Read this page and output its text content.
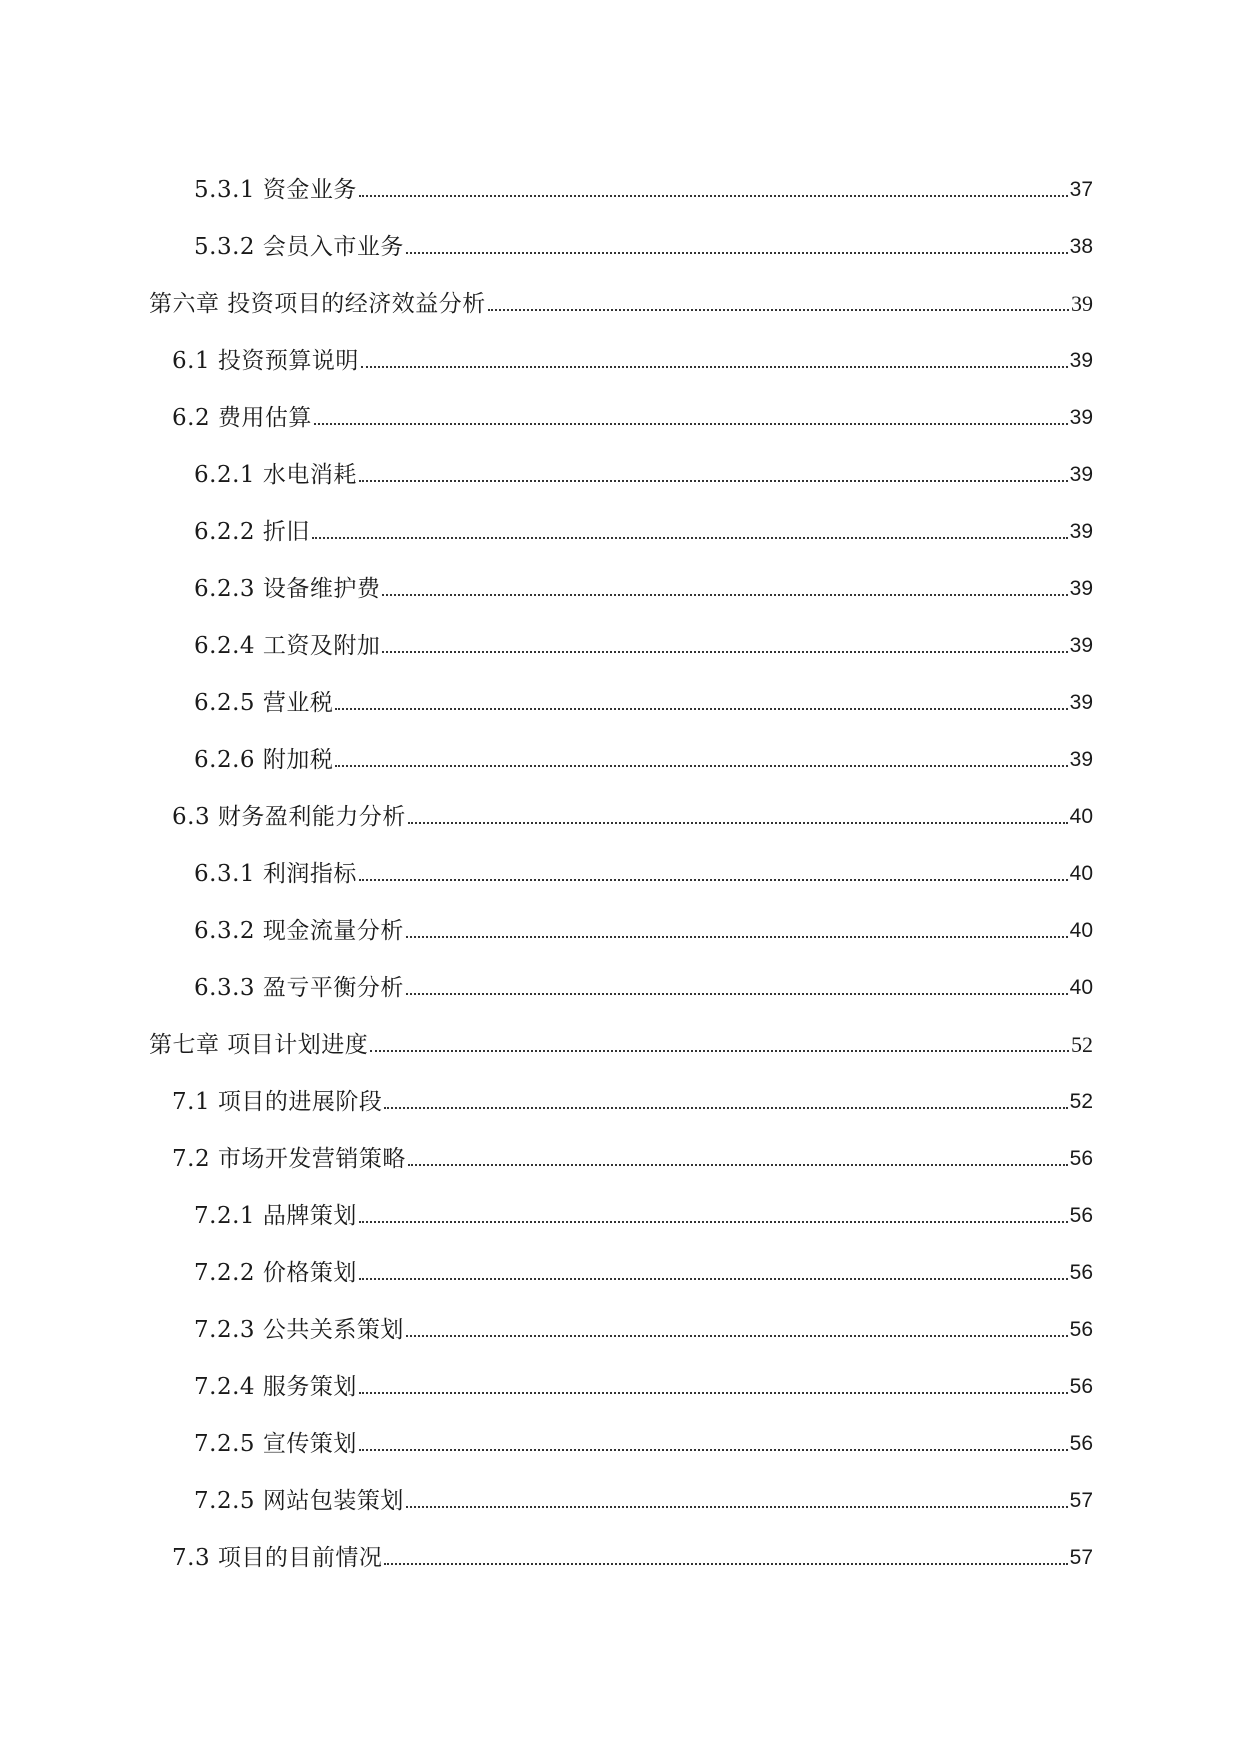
5.3.1 资金业务	37
5.3.2 会员入市业务	38
第六章 投资项目的经济效益分析	39
6.1 投资预算说明	39
6.2 费用估算	39
6.2.1 水电消耗	39
6.2.2 折旧	39
6.2.3 设备维护费	39
6.2.4 工资及附加	39
6.2.5 营业税	39
6.2.6 附加税	39
6.3 财务盈利能力分析	40
6.3.1 利润指标	40
6.3.2 现金流量分析	40
6.3.3 盈亏平衡分析	40
第七章 项目计划进度	52
7.1 项目的进展阶段	52
7.2 市场开发营销策略	56
7.2.1 品牌策划	56
7.2.2 价格策划	56
7.2.3 公共关系策划	56
7.2.4 服务策划	56
7.2.5 宣传策划	56
7.2.5 网站包装策划	57
7.3 项目的目前情况	57
